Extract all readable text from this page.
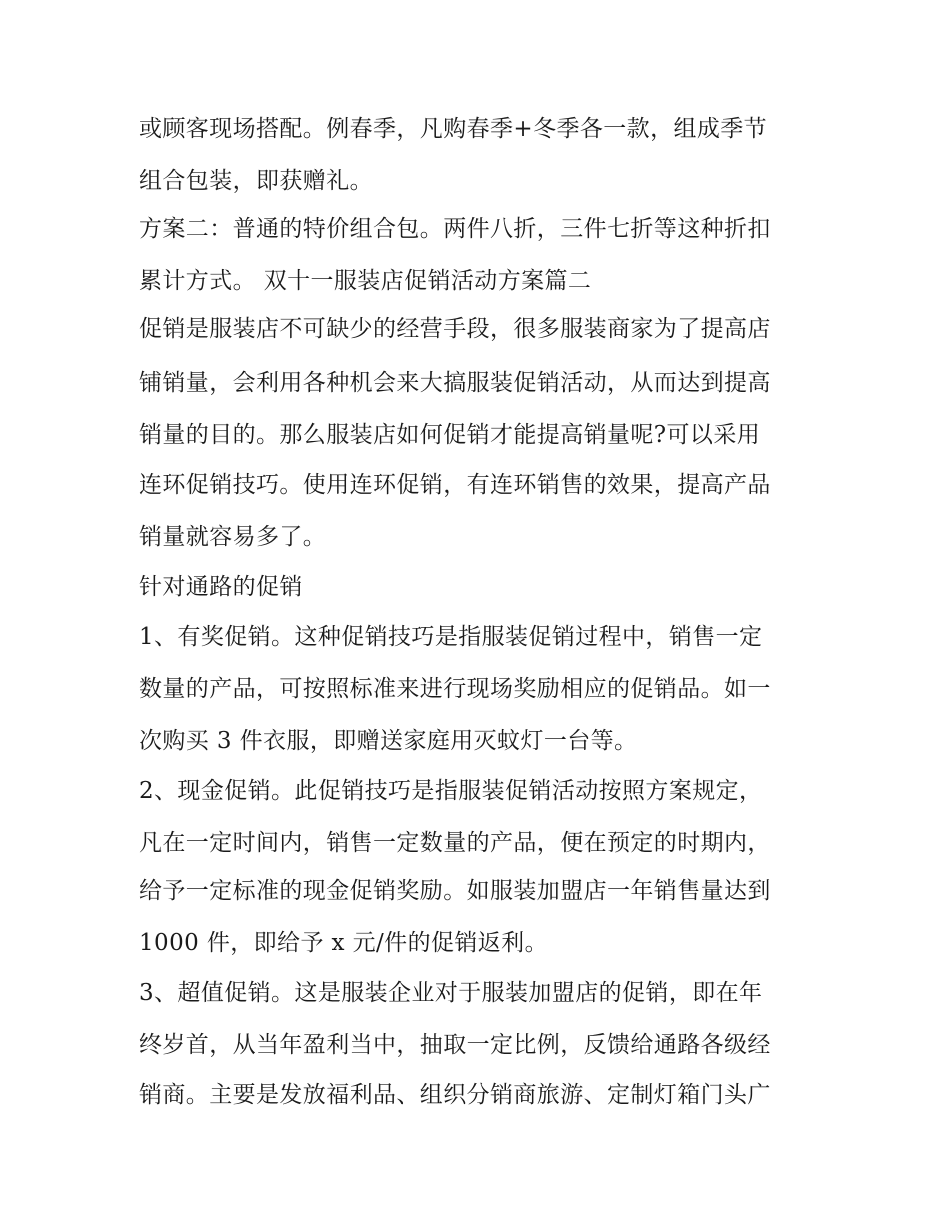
或顾客现场搭配。例春季，凡购春季+冬季各一款，组成季节
组合包装，即获赠礼。
方案二：普通的特价组合包。两件八折，三件七折等这种折扣
累计方式。 双十一服装店促销活动方案篇二
促销是服装店不可缺少的经营手段，很多服装商家为了提高店
铺销量，会利用各种机会来大搞服装促销活动，从而达到提高
销量的目的。那么服装店如何促销才能提高销量呢?可以采用
连环促销技巧。使用连环促销，有连环销售的效果，提高产品
销量就容易多了。
针对通路的促销
1、有奖促销。这种促销技巧是指服装促销过程中，销售一定
数量的产品，可按照标准来进行现场奖励相应的促销品。如一
次购买 3 件衣服，即赠送家庭用灭蚊灯一台等。
2、现金促销。此促销技巧是指服装促销活动按照方案规定，
凡在一定时间内，销售一定数量的产品，便在预定的时期内，
给予一定标准的现金促销奖励。如服装加盟店一年销售量达到
1000 件，即给予 x 元/件的促销返利。
3、超值促销。这是服装企业对于服装加盟店的促销，即在年
终岁首，从当年盈利当中，抽取一定比例，反馈给通路各级经
销商。主要是发放福利品、组织分销商旅游、定制灯箱门头广
